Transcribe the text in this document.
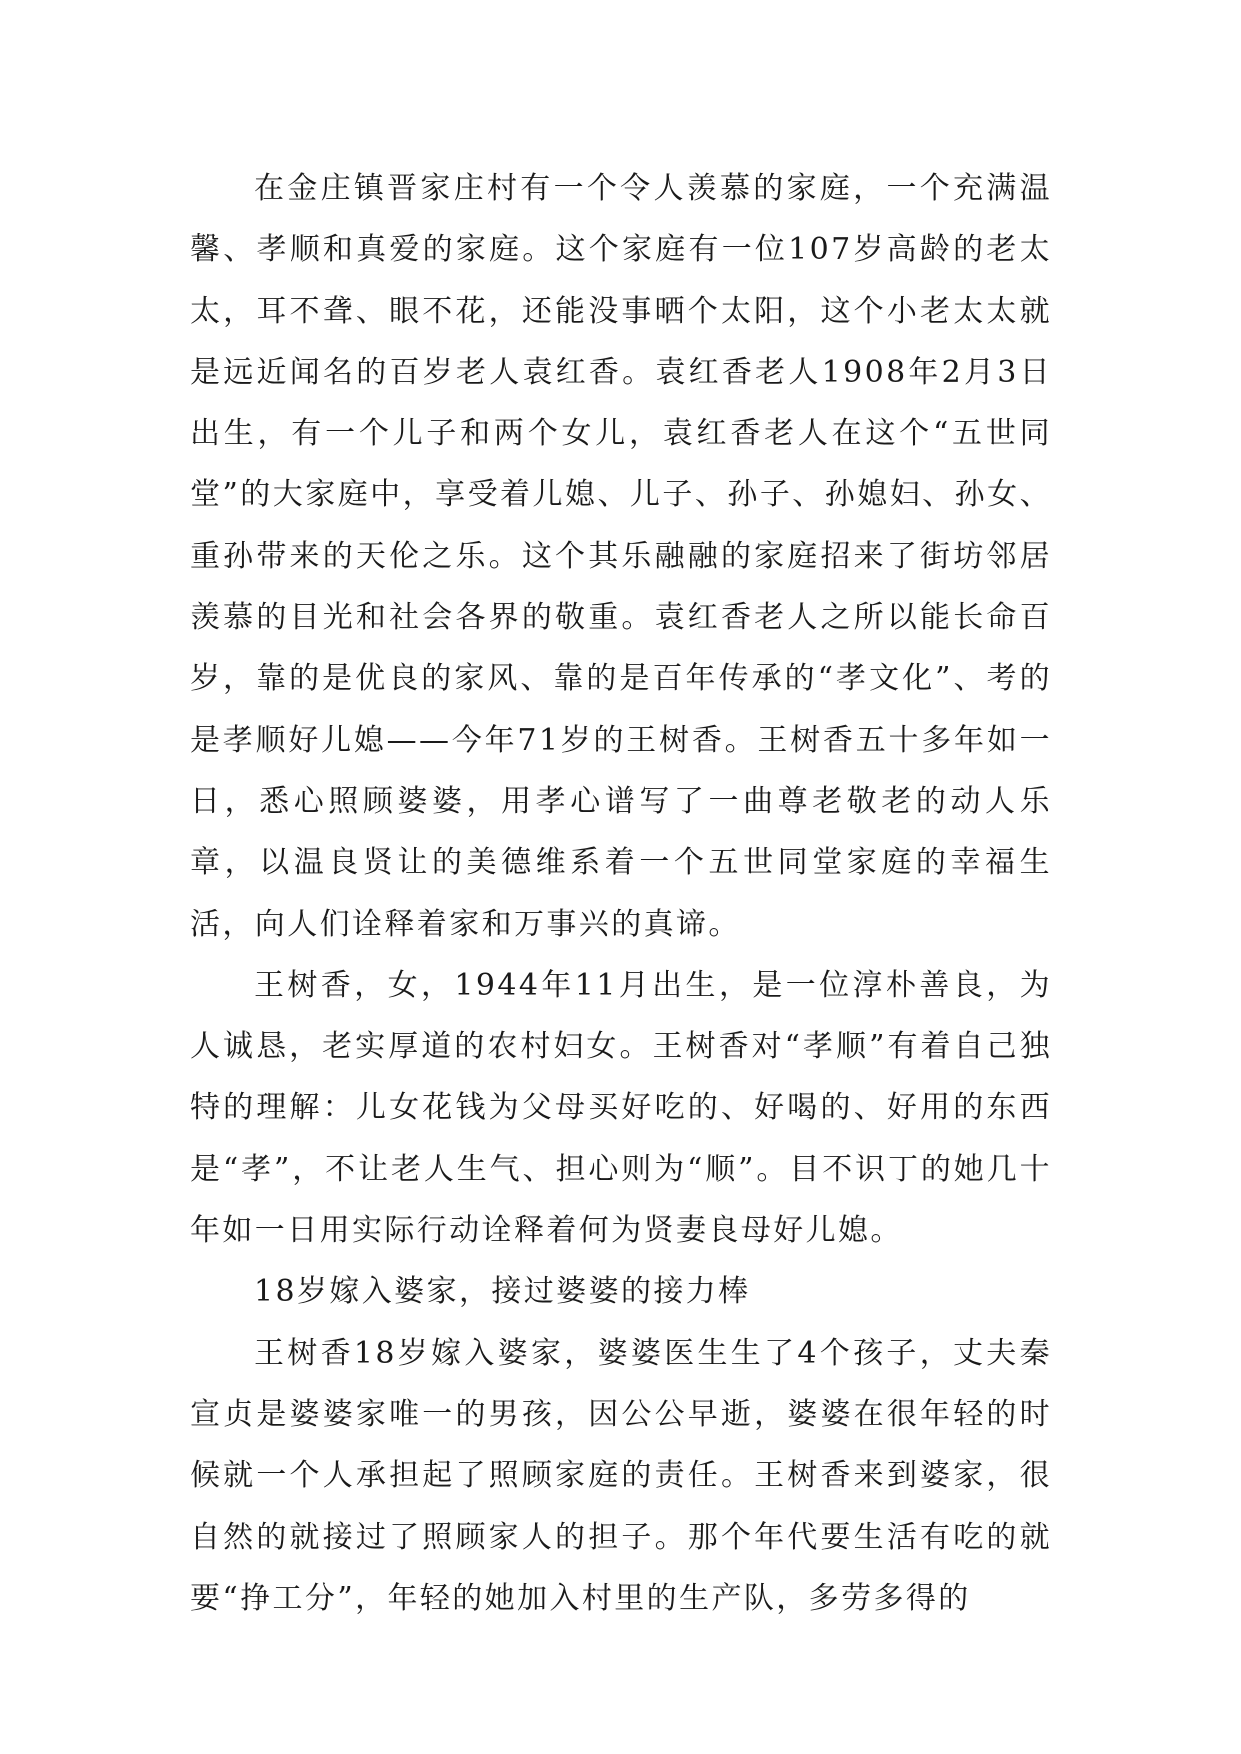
在金庄镇晋家庄村有一个令人羡慕的家庭，一个充满温馨、孝顺和真爱的家庭。这个家庭有一位107岁高龄的老太太，耳不聋、眼不花，还能没事晒个太阳，这个小老太太就是远近闻名的百岁老人袁红香。袁红香老人1908年2月3日出生，有一个儿子和两个女儿，袁红香老人在这个“五世同堂”的大家庭中，享受着儿媳、儿子、孙子、孙媳妇、孙女、重孙带来的天伦之乐。这个其乐融融的家庭招来了街坊邻居羡慕的目光和社会各界的敬重。袁红香老人之所以能长命百岁，靠的是优良的家风、靠的是百年传承的“孝文化”、考的是孝顺好儿媳——今年71岁的王树香。王树香五十多年如一日，悉心照顾婆婆，用孝心谱写了一曲尊老敬老的动人乐章，以温良贤让的美德维系着一个五世同堂家庭的幸福生活，向人们诠释着家和万事兴的真谛。

王树香，女，1944年11月出生，是一位淳朴善良，为人诚恳，老实厚道的农村妇女。王树香对“孝顺”有着自己独特的理解：儿女花钱为父母买好吃的、好喝的、好用的东西是“孝”，不让老人生气、担心则为“顺”。目不识丁的她几十年如一日用实际行动诠释着何为贤妻良母好儿媳。

18岁嫁入婆家，接过婆婆的接力棒

王树香18岁嫁入婆家，婆婆医生生了4个孩子，丈夫秦宣贞是婆婆家唯一的男孩，因公公早逝，婆婆在很年轻的时候就一个人承担起了照顾家庭的责任。王树香来到婆家，很自然的就接过了照顾家人的担子。那个年代要生活有吃的就要“挣工分”，年轻的她加入村里的生产队，多劳多得的
